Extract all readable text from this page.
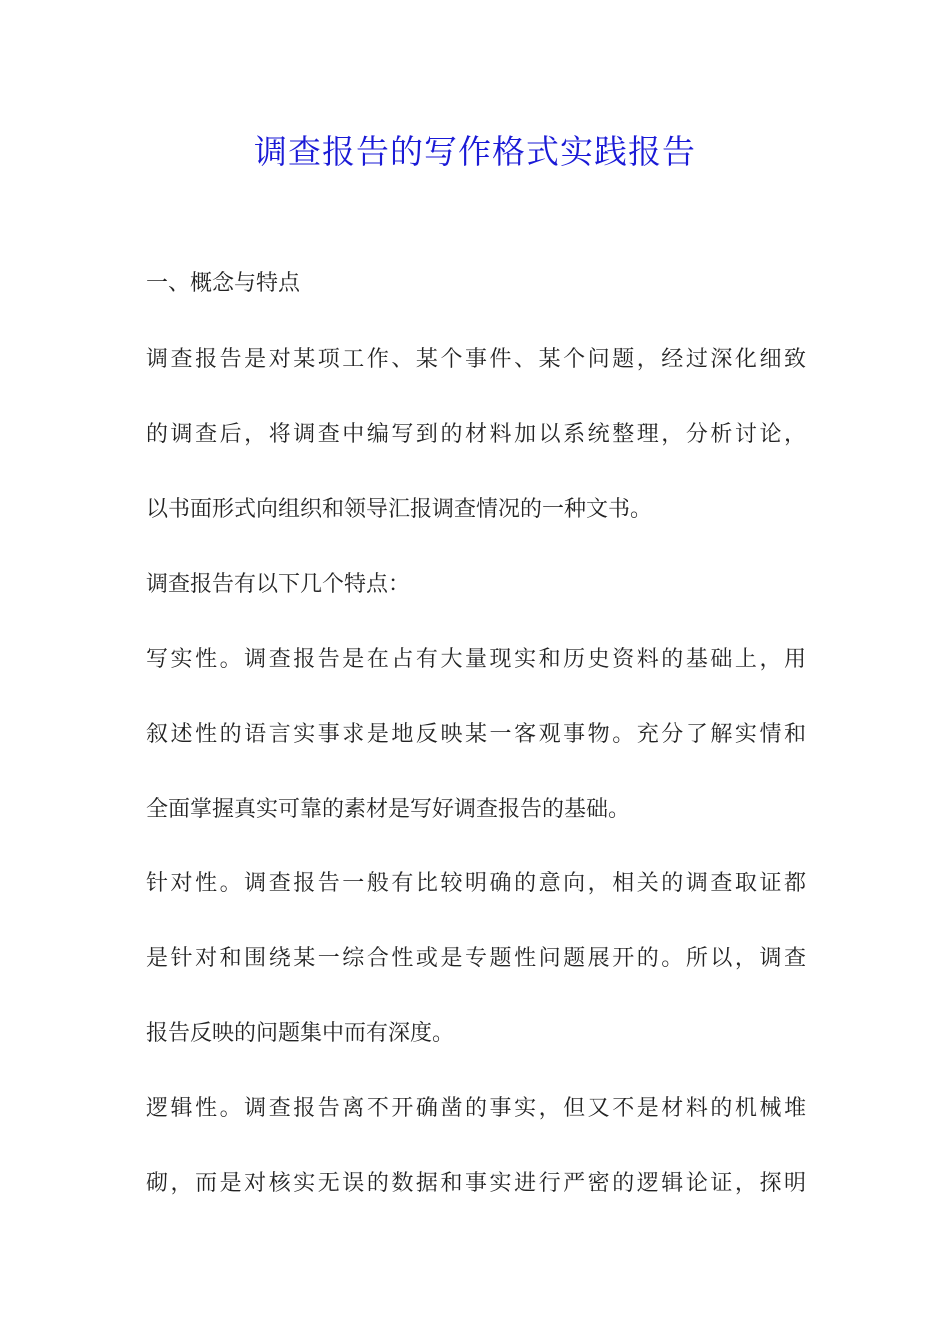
调查报告的写作格式实践报告

一、概念与特点

调查报告是对某项工作、某个事件、某个问题，经过深化细致

的调查后，将调查中编写到的材料加以系统整理，分析讨论，

以书面形式向组织和领导汇报调查情况的一种文书。

调查报告有以下几个特点：

写实性。调查报告是在占有大量现实和历史资料的基础上，用

叙述性的语言实事求是地反映某一客观事物。充分了解实情和

全面掌握真实可靠的素材是写好调查报告的基础。

针对性。调查报告一般有比较明确的意向，相关的调查取证都

是针对和围绕某一综合性或是专题性问题展开的。所以，调查

报告反映的问题集中而有深度。

逻辑性。调查报告离不开确凿的事实，但又不是材料的机械堆

砌，而是对核实无误的数据和事实进行严密的逻辑论证，探明
